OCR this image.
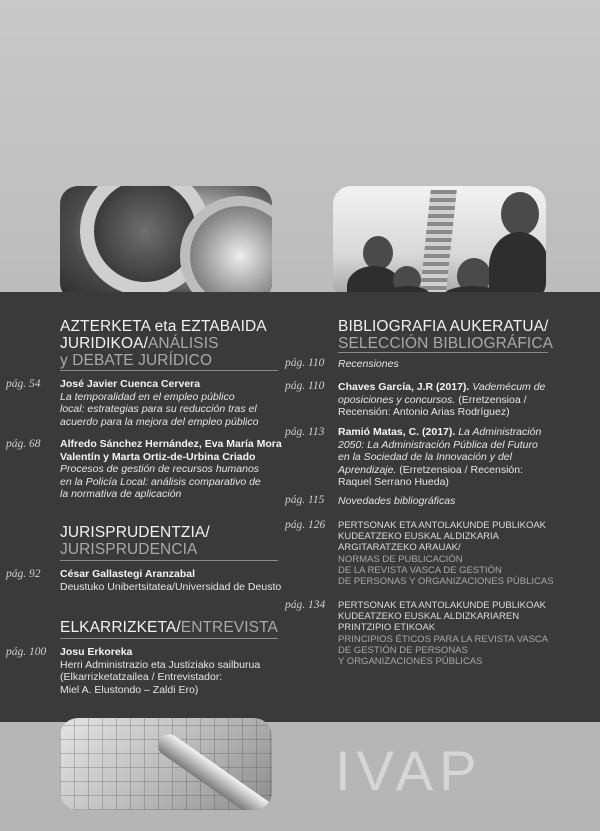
AZTERKETA eta EZTABAIDA
JURIDIKOA/ANÁLISIS
y DEBATE JURÍDICO
pág. 54 José Javier Cuenca Cervera
La temporalidad en el empleo público
local: estrategias para su reducción tras el
acuerdo para la mejora del empleo público
pág. 68 Alfredo Sánchez Hernández, Eva María Mora
Valentín y Marta Ortiz-de-Urbina Criado
Procesos de gestión de recursos humanos
en la Policía Local: análisis comparativo de
la normativa de aplicación
JURISPRUDENTZIA/
JURISPRUDENCIA
pág. 92 César Gallastegi Aranzabal
Deustuko Unibertsitatea/Universidad de Deusto
ELKARRIZKETA/ENTREVISTA
pág. 100 Josu Erkoreka
Herri Administrazio eta Justiziako sailburua
(Elkarrizketatzailea / Entrevistador:
Miel A. Elustondo – Zaldi Ero)
BIBLIOGRAFIA AUKERATUA/
SELECCIÓN BIBLIOGRÁFICA
pág. 110 Recensiones
pág. 110 Chaves García, J.R (2017). Vademécum de
oposiciones y concursos. (Erretzensioa /
Recensión: Antonio Arias Rodríguez)
pág. 113 Ramió Matas, C. (2017). La Administración
2050: La Administración Pública del Futuro
en la Sociedad de la Innovación y del
Aprendizaje. (Erretzensioa / Recensión:
Raquel Serrano Hueda)
pág. 115 Novedades bibliográficas
pág. 126 PERTSONAK ETA ANTOLAKUNDE PUBLIKOAK
KUDEATZEKO EUSKAL ALDIZKARIA
ARGITARATZEKO ARAUAK/
NORMAS DE PUBLICACIÓN
DE LA REVISTA VASCA DE GESTIÓN
DE PERSONAS Y ORGANIZACIONES PÚBLICAS
pág. 134 PERTSONAK ETA ANTOLAKUNDE PUBLIKOAK
KUDEATZEKO EUSKAL ALDIZKARIAREN
PRINTZIPIO ETIKOAK
PRINCIPIOS ÉTICOS PARA LA REVISTA VASCA
DE GESTIÓN DE PERSONAS
Y ORGANIZACIONES PÚBLICAS
IVAP
